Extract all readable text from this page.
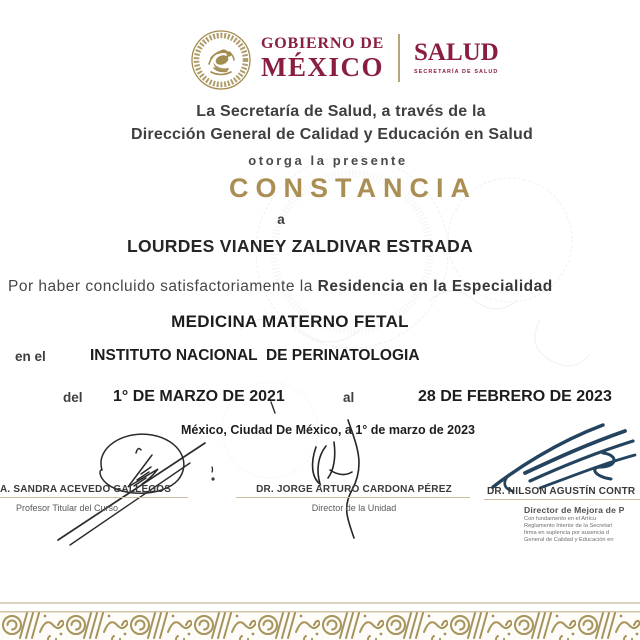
GOBIERNO DE
MÉXICO SALUD
SECRETARÍA DE SALUD
La Secretaría de Salud, a través de la
Dirección General de Calidad y Educación en Salud
otorga la presente
CONSTANCIA
a
LOURDES VIANEY ZALDIVAR ESTRADA
Por haber concluido satisfactoriamente la Residencia en la Especialidad
MEDICINA MATERNO FETAL
en el	INSTITUTO NACIONAL  DE PERINATOLOGIA
del 1° DE MARZO DE 2021	al	28 DE FEBRERO DE 2023
México, Ciudad De México, a 1° de marzo de 2023
A. SANDRA ACEVEDO GALLEGOS
Profesor Titular del Curso
DR. JORGE ARTURO CARDONA PÉREZ
Director de la Unidad
DR. NILSON AGUSTÍN CONTR
Director de Mejora de P
Con fundamento en el Artícu
Reglamento Interior de la Secretarí
firma en suplencia por ausencia d
General de Calidad y Educación en
